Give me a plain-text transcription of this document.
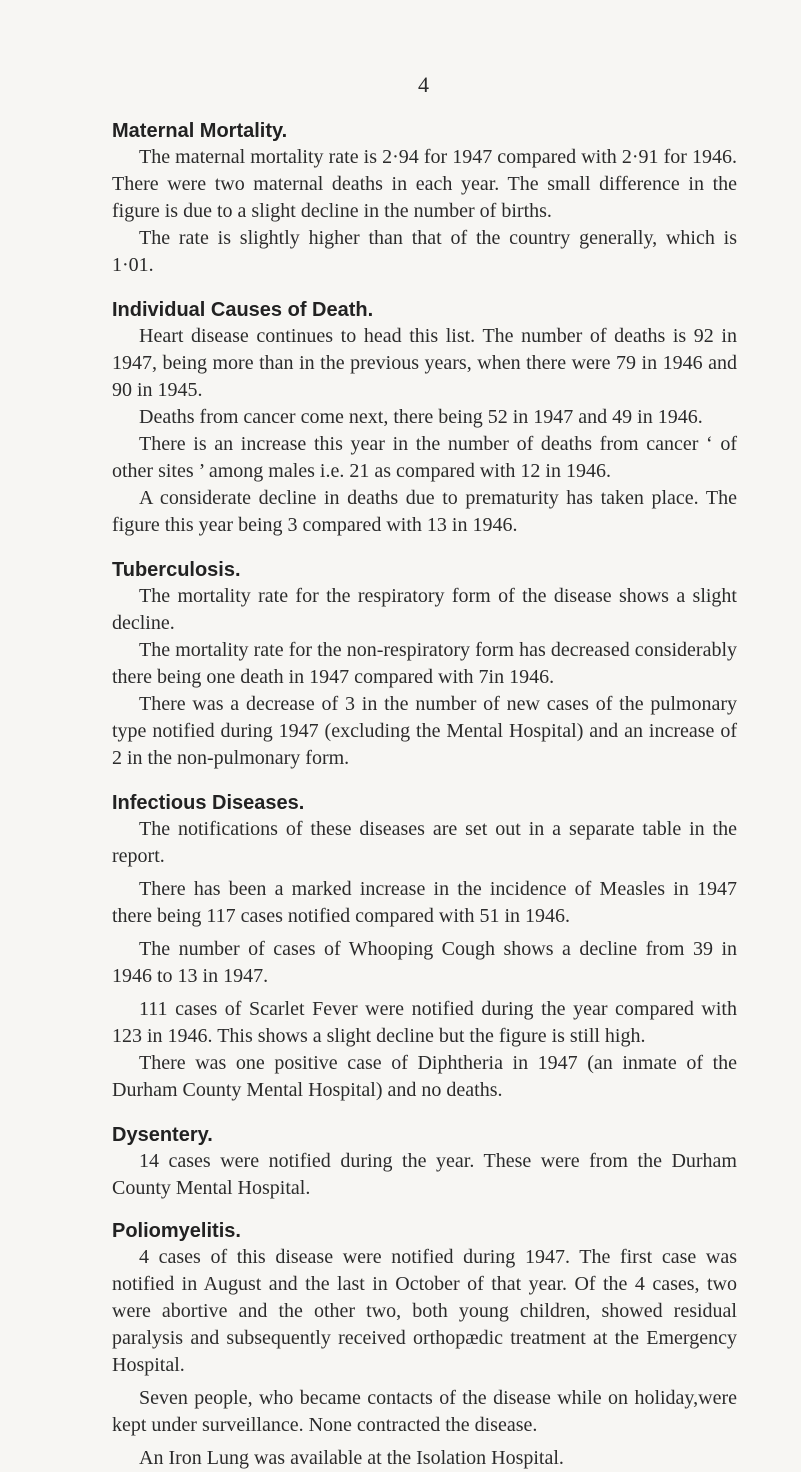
4
Maternal Mortality.

The maternal mortality rate is 2·94 for 1947 compared with 2·91 for 1946. There were two maternal deaths in each year. The small difference in the figure is due to a slight decline in the number of births.

The rate is slightly higher than that of the country generally, which is 1·01.

Individual Causes of Death.

Heart disease continues to head this list. The number of deaths is 92 in 1947, being more than in the previous years, when there were 79 in 1946 and 90 in 1945.

Deaths from cancer come next, there being 52 in 1947 and 49 in 1946.

There is an increase this year in the number of deaths from cancer ‘ of other sites ’ among males i.e. 21 as compared with 12 in 1946.

A considerate decline in deaths due to prematurity has taken place. The figure this year being 3 compared with 13 in 1946.

Tuberculosis.

The mortality rate for the respiratory form of the disease shows a slight decline.

The mortality rate for the non-respiratory form has decreased considerably there being one death in 1947 compared with 7in 1946.

There was a decrease of 3 in the number of new cases of the pulmonary type notified during 1947 (excluding the Mental Hospital) and an increase of 2 in the non-pulmonary form.

Infectious Diseases.

The notifications of these diseases are set out in a separate table in the report.

There has been a marked increase in the incidence of Measles in 1947 there being 117 cases notified compared with 51 in 1946.

The number of cases of Whooping Cough shows a decline from 39 in 1946 to 13 in 1947.

111 cases of Scarlet Fever were notified during the year compared with 123 in 1946. This shows a slight decline but the figure is still high.

There was one positive case of Diphtheria in 1947 (an inmate of the Durham County Mental Hospital) and no deaths.

Dysentery.

14 cases were notified during the year. These were from the Durham County Mental Hospital.

Poliomyelitis.

4 cases of this disease were notified during 1947. The first case was notified in August and the last in October of that year. Of the 4 cases, two were abortive and the other two, both young children, showed residual paralysis and subsequently received orthopædic treatment at the Emergency Hospital.

Seven people, who became contacts of the disease while on holiday,were kept under surveillance. None contracted the disease.

An Iron Lung was available at the Isolation Hospital.
